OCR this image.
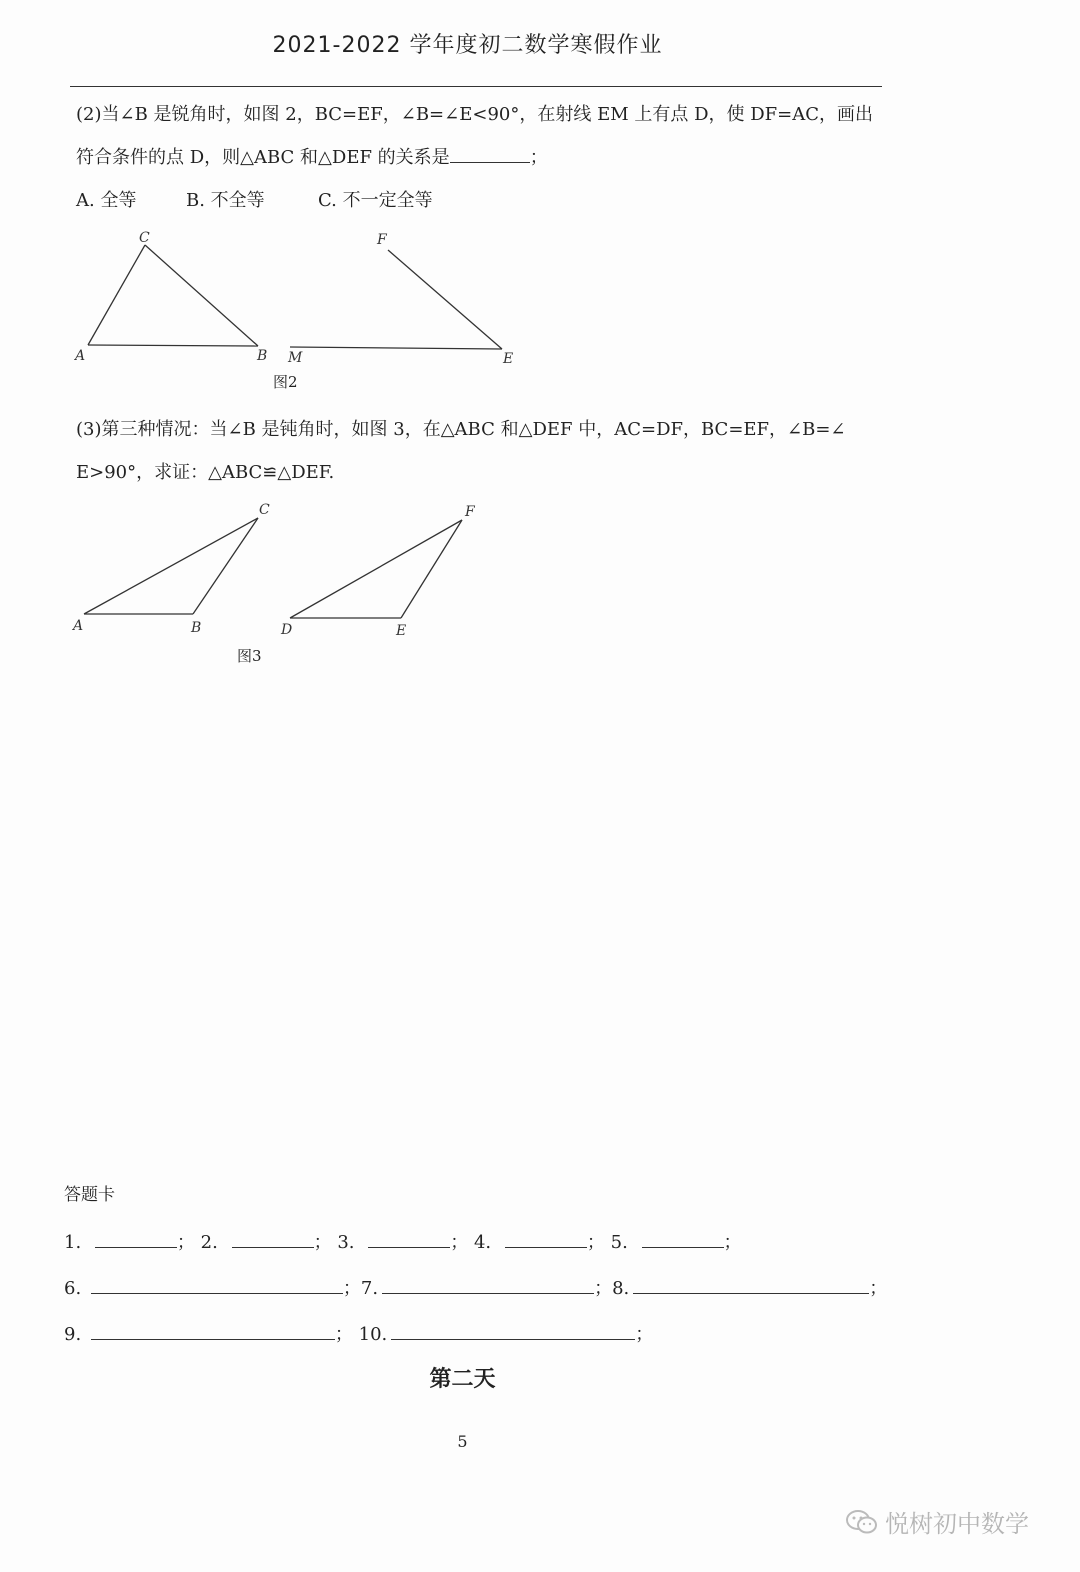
2021-2022 学年度初二数学寒假作业
(2)当∠B 是锐角时，如图 2，BC=EF，∠B=∠E<90°，在射线 EM 上有点 D，使 DF=AC，画出
符合条件的点 D，则△ABC 和△DEF 的关系是	；
A. 全等	B. 不全等	C. 不一定全等
A	B
C	F
M	E
图2
(3)第三种情况：当∠B 是钝角时，如图 3，在△ABC 和△DEF 中，AC=DF，BC=EF，∠B=∠
E>90°，求证：△ABC≌△DEF.
A	B
C
D	E
F
图3
答题卡
1.	； 2.	； 3.	； 4.	； 5.	；
6.	；7.	；8.	；
9.	； 10.	；
第二天
5
悦树初中数学
